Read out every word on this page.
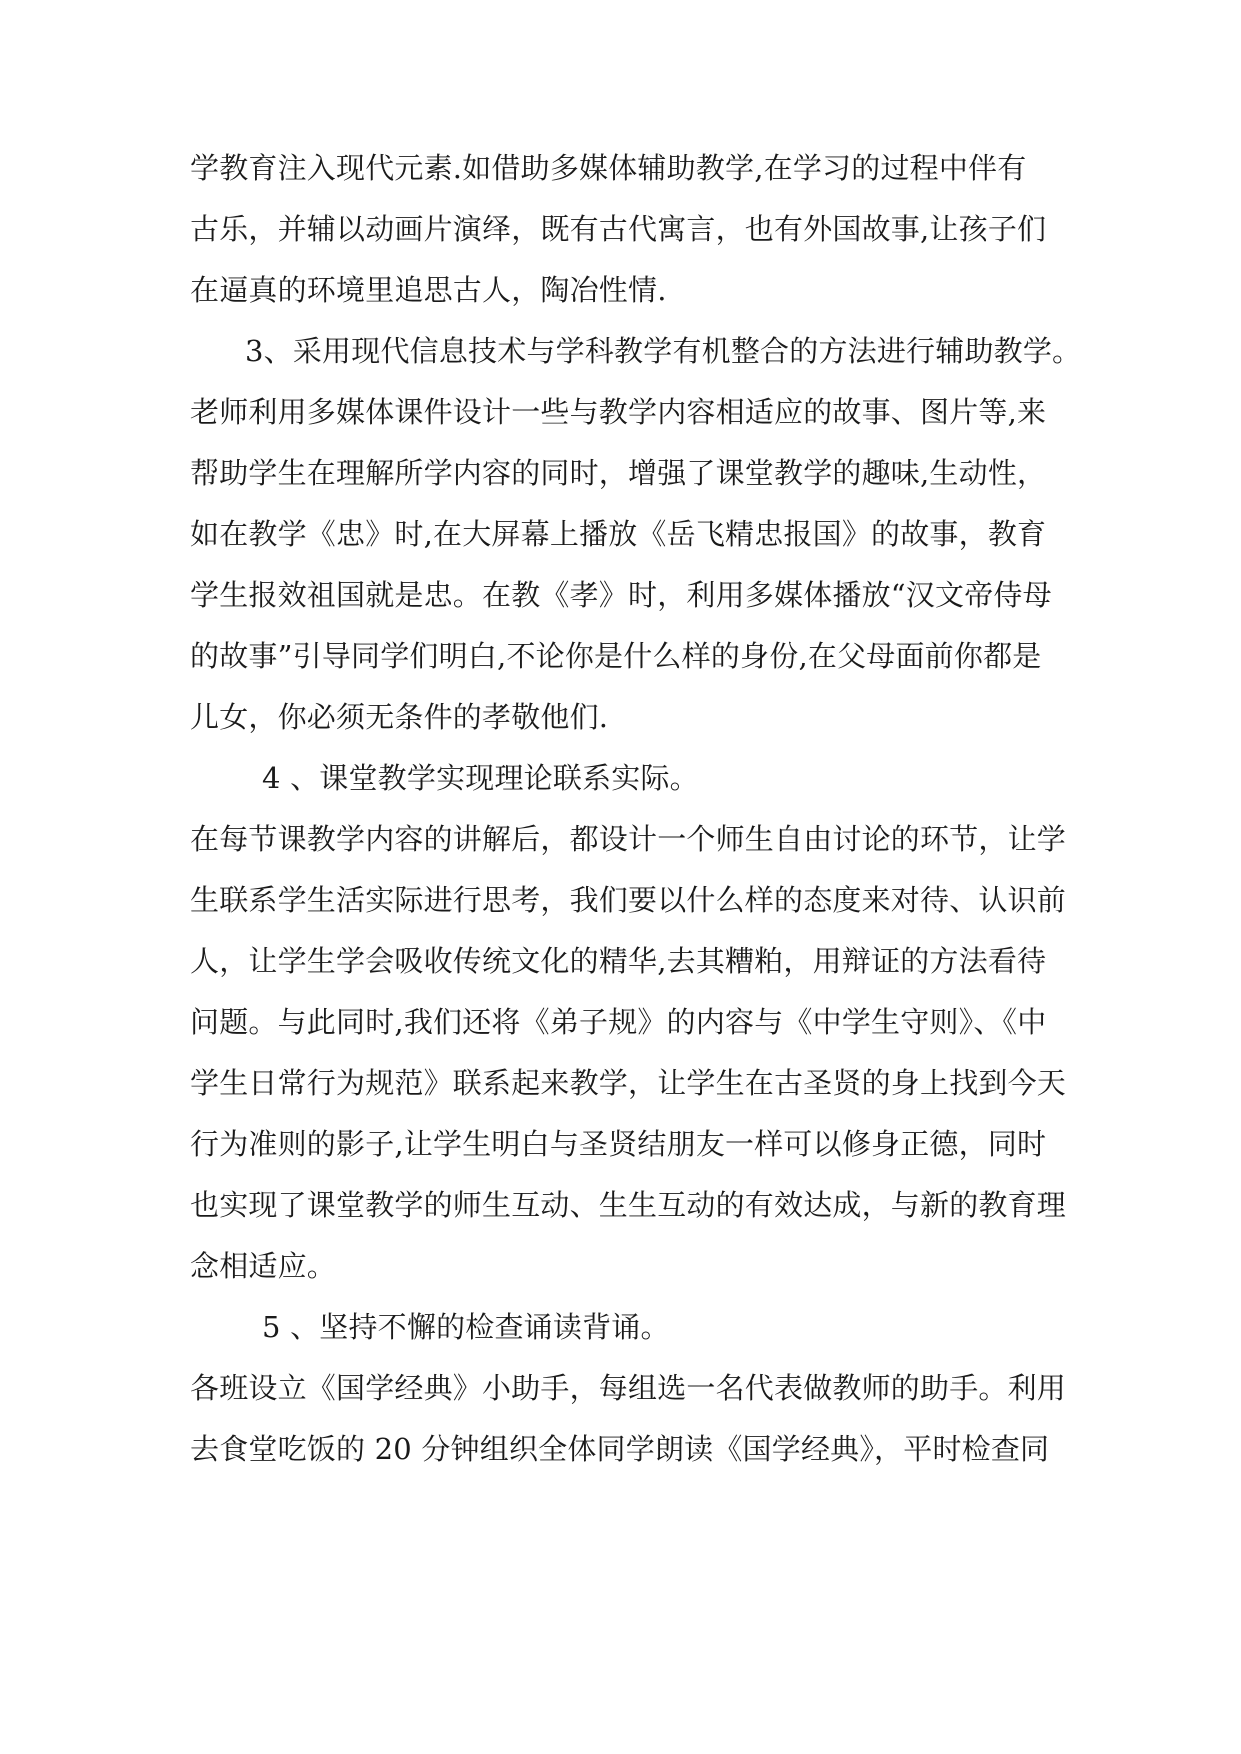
学教育注入现代元素.如借助多媒体辅助教学,在学习的过程中伴有
古乐，并辅以动画片演绎，既有古代寓言，也有外国故事,让孩子们
在逼真的环境里追思古人，陶冶性情.
3、采用现代信息技术与学科教学有机整合的方法进行辅助教学。
老师利用多媒体课件设计一些与教学内容相适应的故事、图片等,来
帮助学生在理解所学内容的同时，增强了课堂教学的趣味,生动性，
如在教学《忠》时,在大屏幕上播放《岳飞精忠报国》的故事，教育
学生报效祖国就是忠。在教《孝》时，利用多媒体播放“汉文帝侍母
的故事”引导同学们明白,不论你是什么样的身份,在父母面前你都是
儿女，你必须无条件的孝敬他们.
4 、课堂教学实现理论联系实际。
在每节课教学内容的讲解后，都设计一个师生自由讨论的环节，让学
生联系学生活实际进行思考，我们要以什么样的态度来对待、认识前
人，让学生学会吸收传统文化的精华,去其糟粕，用辩证的方法看待
问题。与此同时,我们还将《弟子规》的内容与《中学生守则》、《中
学生日常行为规范》联系起来教学，让学生在古圣贤的身上找到今天
行为准则的影子,让学生明白与圣贤结朋友一样可以修身正德，同时
也实现了课堂教学的师生互动、生生互动的有效达成，与新的教育理
念相适应。
5 、坚持不懈的检查诵读背诵。
各班设立《国学经典》小助手，每组选一名代表做教师的助手。利用
去食堂吃饭的 20 分钟组织全体同学朗读《国学经典》，平时检查同
